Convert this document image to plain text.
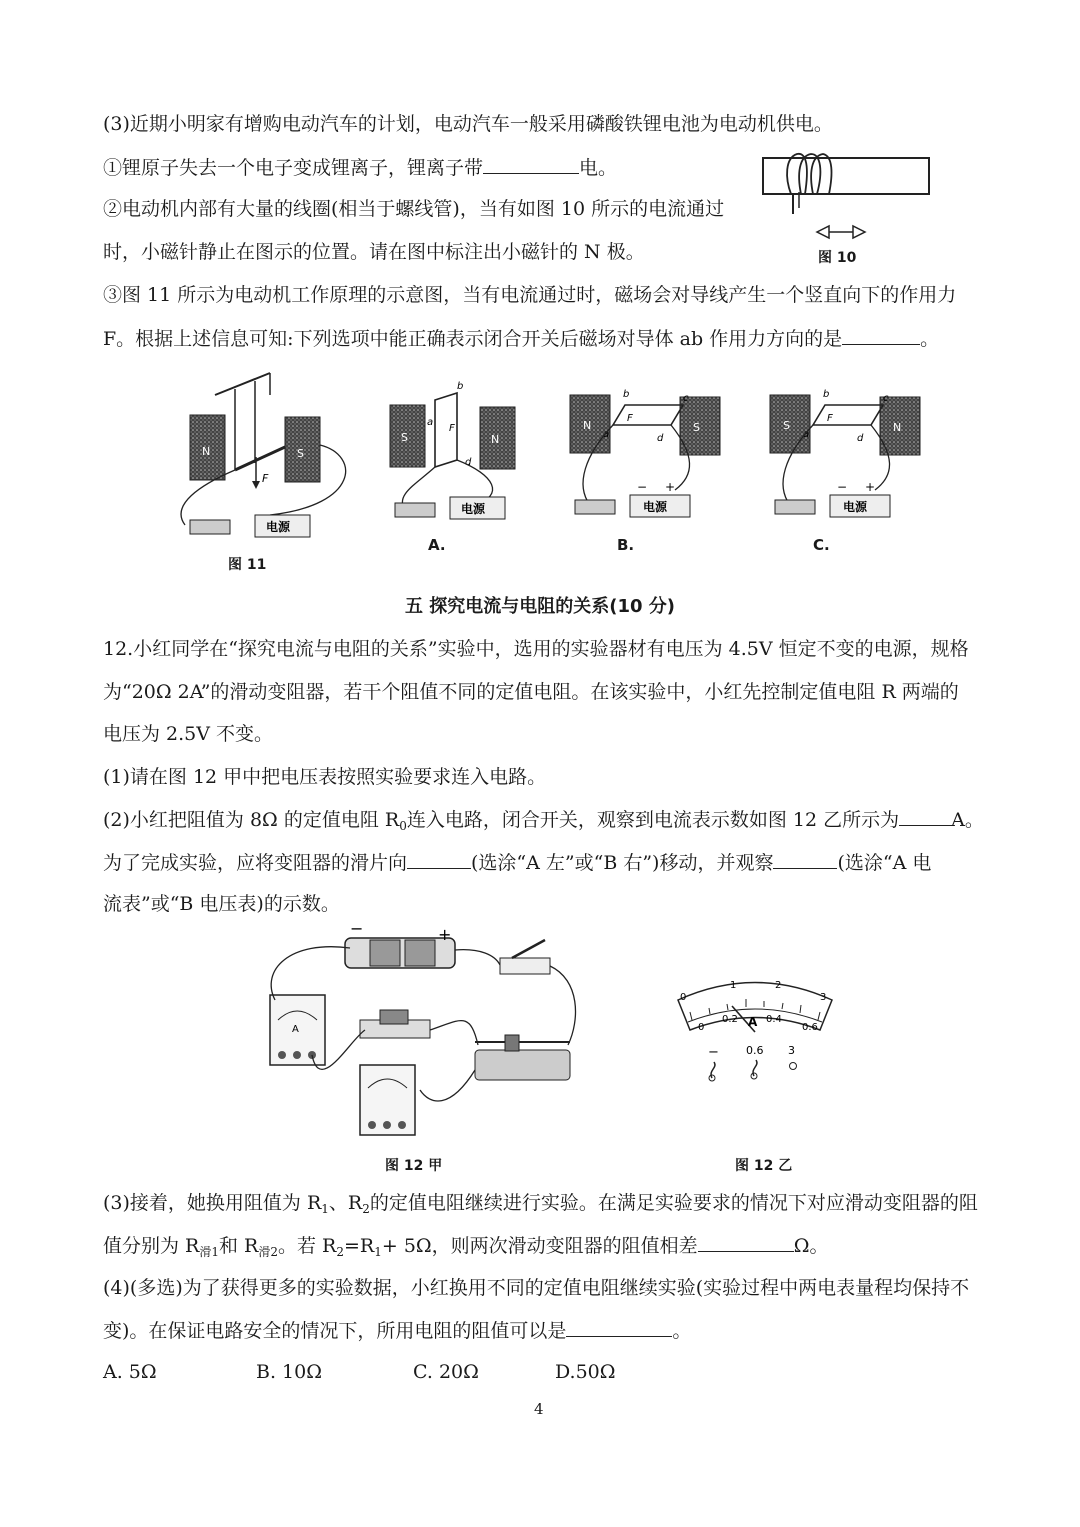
(3)近期小明家有增购电动汽车的计划，电动汽车一般采用磷酸铁锂电池为电动机供电。
①锂原子失去一个电子变成锂离子，锂离子带	电。
②电动机内部有大量的线圈(相当于螺线管)，当有如图 10 所示的电流通过
时，小磁针静止在图示的位置。请在图中标注出小磁针的 N 极。	图 10
③图 11 所示为电动机工作原理的示意图，当有电流通过时，磁场会对导线产生一个竖直向下的作用力
F。根据上述信息可知:下列选项中能正确表示闭合开关后磁场对导体 ab 作用力方向的是	。
N	S
F
电源
S	N
b
a
d
F
电源
N	S
b	c
a	d
F
− +
电源
S	N
b	c
a	d
F
− +
电源
图 11
A.	B.	C.
五 探究电流与电阻的关系(10 分)
12.小红同学在“探究电流与电阻的关系”实验中，选用的实验器材有电压为 4.5V 恒定不变的电源，规格
为“20Ω 2A”的滑动变阻器，若干个阻值不同的定值电阻。在该实验中，小红先控制定值电阻 R 两端的
电压为 2.5V 不变。
(1)请在图 12 甲中把电压表按照实验要求连入电路。
(2)小红把阻值为 8Ω 的定值电阻 $R_0$连入电路，闭合开关，观察到电流表示数如图 12 乙所示为	A。
为了完成实验，应将变阻器的滑片向	(选涂“A 左”或“B 右”)移动，并观察	(选涂“A 电
流表”或“B 电压表)的示数。
−	+
A
图 12 甲
0
1	2
3
0
0.2	0.4
0.6
A
− 0.6 3
图 12 乙
(3)接着，她换用阻值为 $R_1$、$R_2$的定值电阻继续进行实验。在满足实验要求的情况下对应滑动变阻器的阻
值分别为 $R_{滑1}$和 $R_{滑2}$。若 $R_2=R_1+ 5\Omega$，则两次滑动变阻器的阻值相差	Ω。
(4)(多选)为了获得更多的实验数据，小红换用不同的定值电阻继续实验(实验过程中两电表量程均保持不
变)。在保证电路安全的情况下，所用电阻的阻值可以是	。
A. 5Ω	B. 10Ω	C. 20Ω	D.50Ω
4
